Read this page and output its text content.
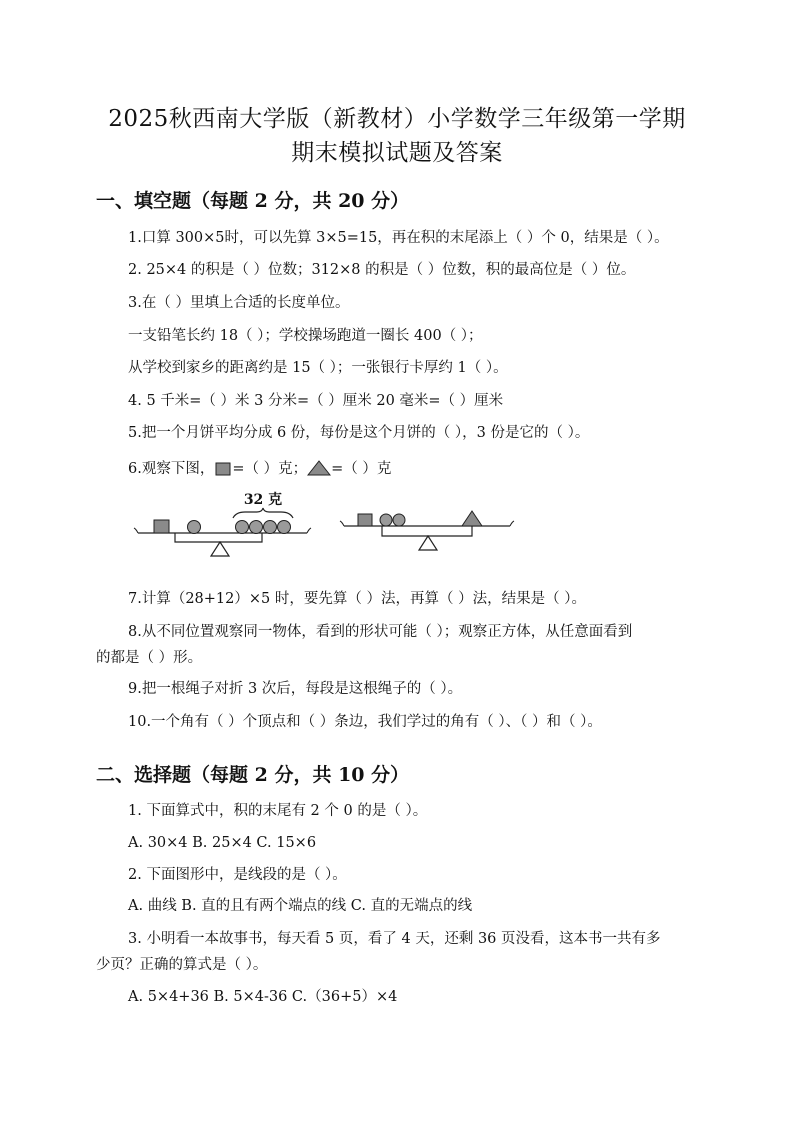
2025秋西南大学版（新教材）小学数学三年级第一学期
期末模拟试题及答案
一、填空题（每题 2 分，共 20 分）
1.口算 300×5时，可以先算 3×5=15，再在积的末尾添上（ ）个 0，结果是（ ）。
2. 25×4 的积是（ ）位数；312×8 的积是（ ）位数，积的最高位是（ ）位。
3.在（ ）里填上合适的长度单位。
一支铅笔长约 18（ ）；学校操场跑道一圈长 400（ ）；
从学校到家乡的距离约是 15（ ）；一张银行卡厚约 1（ ）。
4. 5 千米=（ ）米 3 分米=（ ）厘米 20 毫米=（ ）厘米
5.把一个月饼平均分成 6 份，每份是这个月饼的（ ），3 份是它的（ ）。
6.观察下图， =（ ）克； =（ ）克
32 克
7.计算（28+12）×5 时，要先算（ ）法，再算（ ）法，结果是（ ）。
8.从不同位置观察同一物体，看到的形状可能（ ）；观察正方体，从任意面看到
的都是（ ）形。
9.把一根绳子对折 3 次后，每段是这根绳子的（ ）。
10.一个角有（ ）个顶点和（ ）条边，我们学过的角有（ ）、（ ）和（ ）。
二、选择题（每题 2 分，共 10 分）
1. 下面算式中，积的末尾有 2 个 0 的是（ ）。
A. 30×4 B. 25×4 C. 15×6
2. 下面图形中，是线段的是（ ）。
A. 曲线 B. 直的且有两个端点的线 C. 直的无端点的线
3. 小明看一本故事书，每天看 5 页，看了 4 天，还剩 36 页没看，这本书一共有多
少页？正确的算式是（ ）。
A. 5×4+36 B. 5×4-36 C.（36+5）×4
